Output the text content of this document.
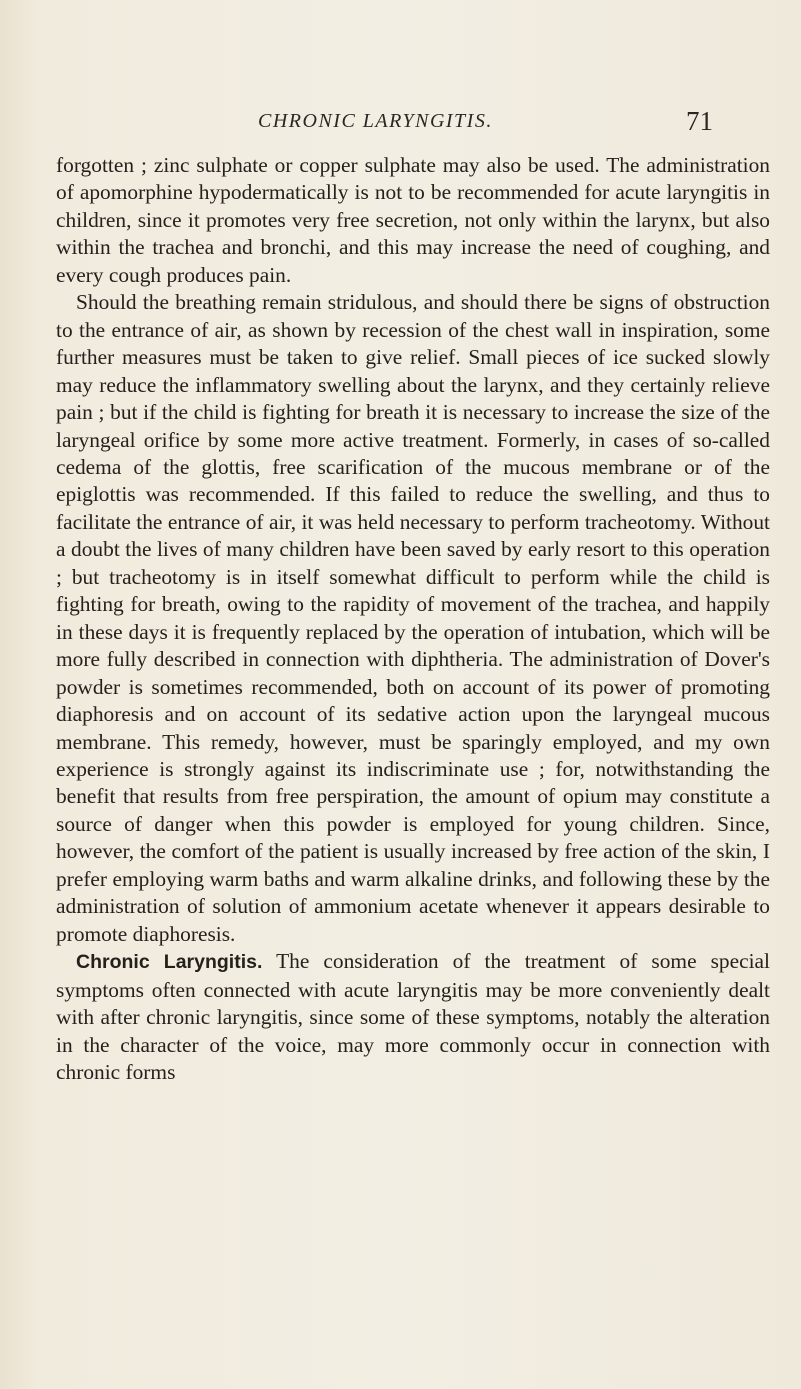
CHRONIC LARYNGITIS.	71

forgotten ; zinc sulphate or copper sulphate may also be used. The administration of apomorphine hypodermatically is not to be recommended for acute laryngitis in children, since it promotes very free secretion, not only within the larynx, but also within the trachea and bronchi, and this may increase the need of coughing, and every cough produces pain.

Should the breathing remain stridulous, and should there be signs of obstruction to the entrance of air, as shown by recession of the chest wall in inspiration, some further measures must be taken to give relief. Small pieces of ice sucked slowly may reduce the inflammatory swelling about the larynx, and they certainly relieve pain ; but if the child is fighting for breath it is necessary to increase the size of the laryngeal orifice by some more active treatment. Formerly, in cases of so-called cedema of the glottis, free scarification of the mucous membrane or of the epiglottis was recommended. If this failed to reduce the swelling, and thus to facilitate the entrance of air, it was held necessary to perform tracheotomy. Without a doubt the lives of many children have been saved by early resort to this operation ; but tracheotomy is in itself somewhat difficult to perform while the child is fighting for breath, owing to the rapidity of movement of the trachea, and happily in these days it is frequently replaced by the operation of intubation, which will be more fully described in connection with diphtheria. The administration of Dover's powder is sometimes recommended, both on account of its power of promoting diaphoresis and on account of its sedative action upon the laryngeal mucous membrane. This remedy, however, must be sparingly employed, and my own experience is strongly against its indiscriminate use ; for, notwithstanding the benefit that results from free perspiration, the amount of opium may constitute a source of danger when this powder is employed for young children. Since, however, the comfort of the patient is usually increased by free action of the skin, I prefer employing warm baths and warm alkaline drinks, and following these by the administration of solution of ammonium acetate whenever it appears desirable to promote diaphoresis.

Chronic Laryngitis. The consideration of the treatment of some special symptoms often connected with acute laryngitis may be more conveniently dealt with after chronic laryngitis, since some of these symptoms, notably the alteration in the character of the voice, may more commonly occur in connection with chronic forms
